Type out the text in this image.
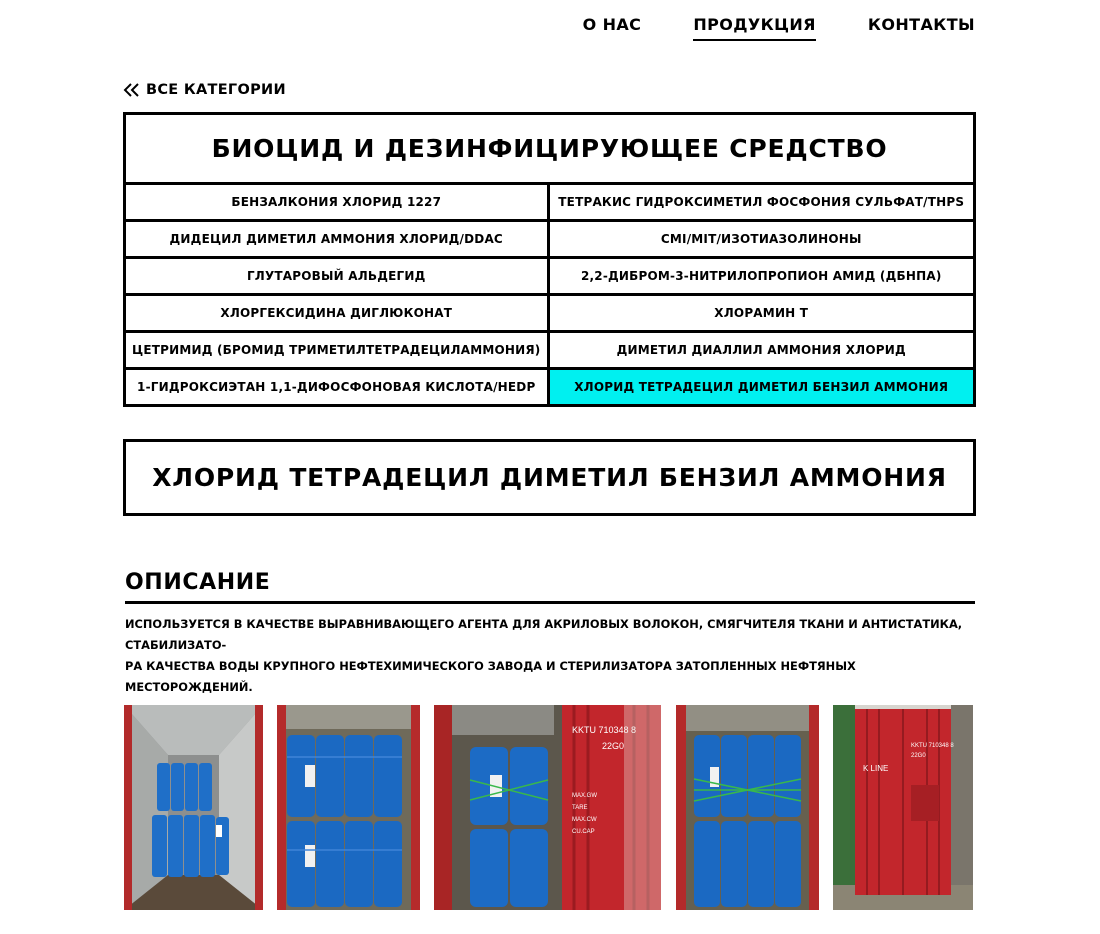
О НАС	ПРОДУКЦИЯ	КОНТАКТЫ
ВСЕ КАТЕГОРИИ
БИОЦИД И ДЕЗИНФИЦИРУЮЩЕЕ СРЕДСТВО
БЕНЗАЛКОНИЯ ХЛОРИД 1227	ТЕТРАКИС ГИДРОКСИМЕТИЛ ФОСФОНИЯ СУЛЬФАТ/THPS
ДИДЕЦИЛ ДИМЕТИЛ АММОНИЯ ХЛОРИД/DDAC	CMI/MIT/ИЗОТИАЗОЛИНОНЫ
ГЛУТАРОВЫЙ АЛЬДЕГИД	2,2-ДИБРОМ-3-НИТРИЛОПРОПИОН АМИД (ДБНПА)
ХЛОРГЕКСИДИНА ДИГЛЮКОНАТ	ХЛОРАМИН Т
ЦЕТРИМИД (БРОМИД ТРИМЕТИЛТЕТРАДЕЦИЛАММОНИЯ)	ДИМЕТИЛ ДИАЛЛИЛ АММОНИЯ ХЛОРИД
1-ГИДРОКСИЭТАН 1,1-ДИФОСФОНОВАЯ КИСЛОТА/HEDP	ХЛОРИД ТЕТРАДЕЦИЛ ДИМЕТИЛ БЕНЗИЛ АММОНИЯ
ХЛОРИД ТЕТРАДЕЦИЛ ДИМЕТИЛ БЕНЗИЛ АММОНИЯ
ОПИСАНИЕ
ИСПОЛЬЗУЕТСЯ В КАЧЕСТВЕ ВЫРАВНИВАЮЩЕГО АГЕНТА ДЛЯ АКРИЛОВЫХ ВОЛОКОН, СМЯГЧИТЕЛЯ ТКАНИ И АНТИСТАТИКА, СТАБИЛИЗАТО-
РА КАЧЕСТВА ВОДЫ КРУПНОГО НЕФТЕХИМИЧЕСКОГО ЗАВОДА И СТЕРИЛИЗАТОРА ЗАТОПЛЕННЫХ НЕФТЯНЫХ МЕСТОРОЖДЕНИЙ.
KKTU 710348 8
22G0
MAX.GW
TARE
MAX.CW
CU.CAP
K LINE
KKTU 710348 8
22G0
